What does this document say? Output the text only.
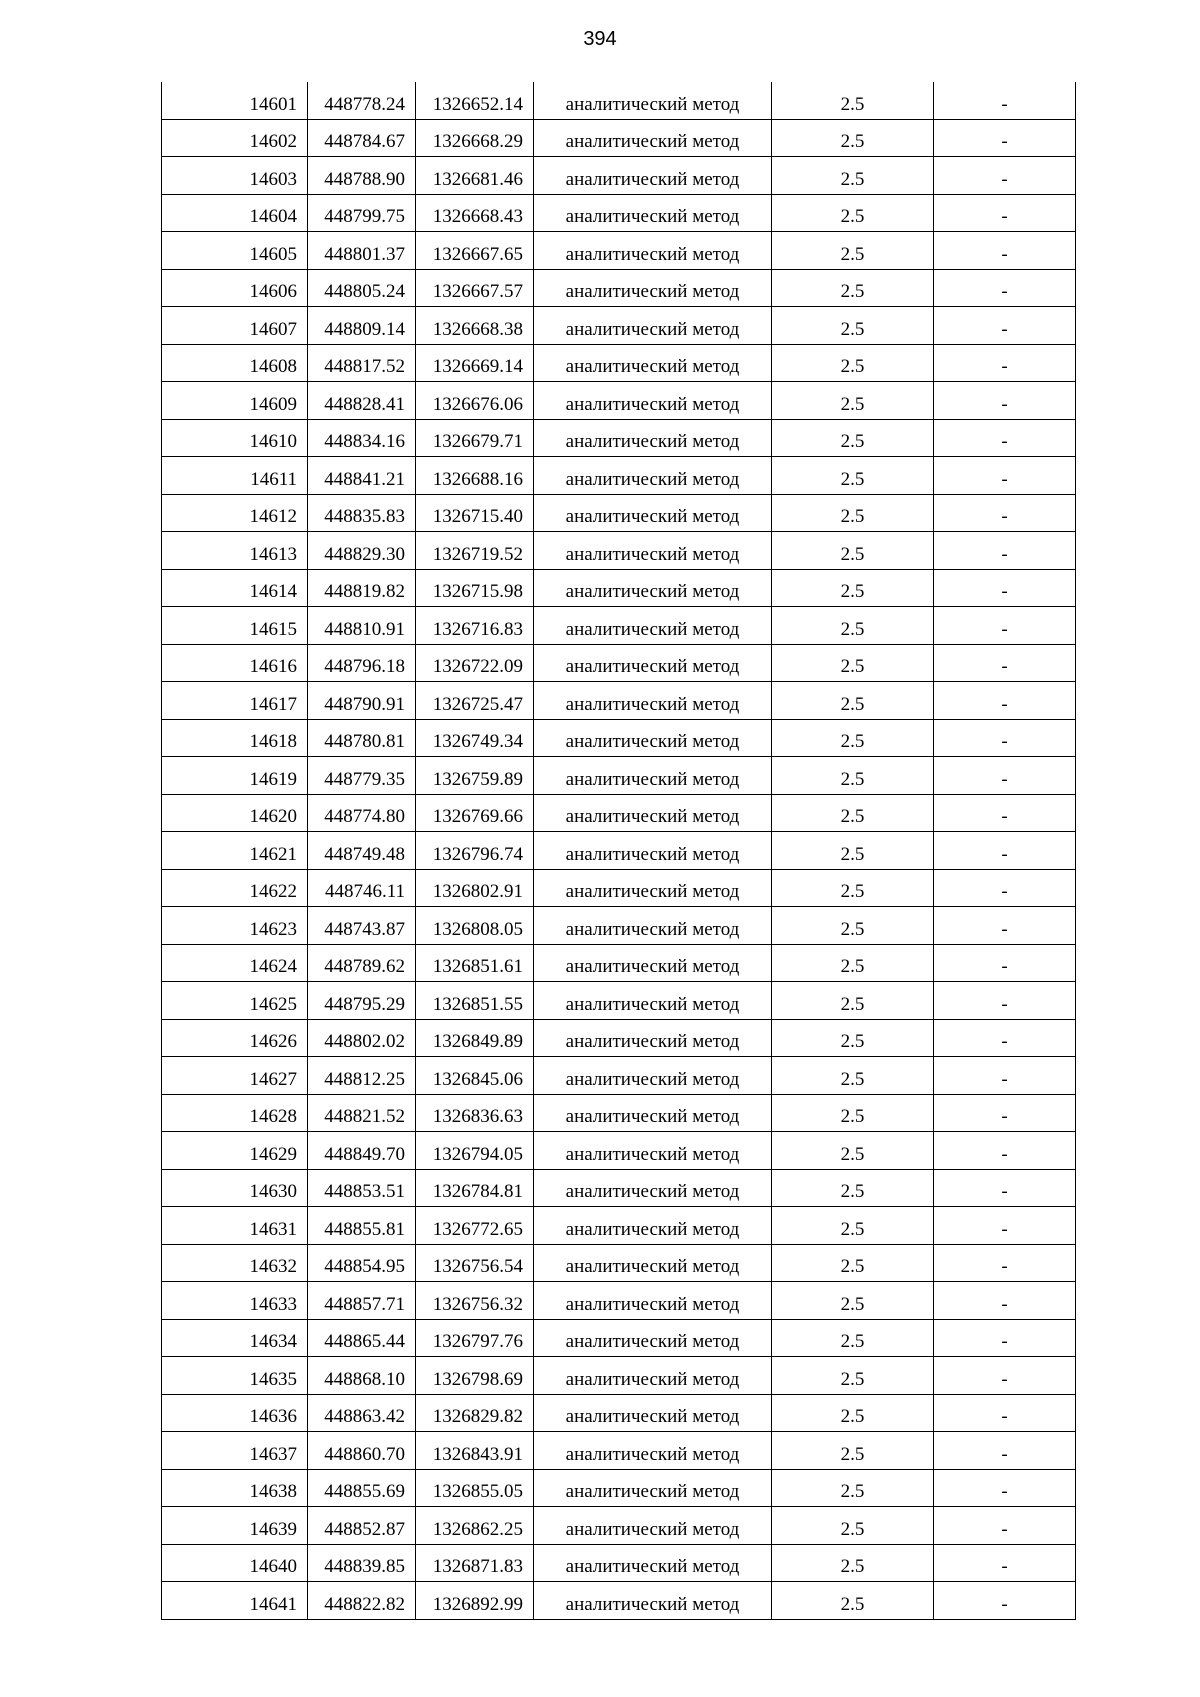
394
14601	448778.24	1326652.14	аналитический метод	2.5	-
14602	448784.67	1326668.29	аналитический метод	2.5	-
14603	448788.90	1326681.46	аналитический метод	2.5	-
14604	448799.75	1326668.43	аналитический метод	2.5	-
14605	448801.37	1326667.65	аналитический метод	2.5	-
14606	448805.24	1326667.57	аналитический метод	2.5	-
14607	448809.14	1326668.38	аналитический метод	2.5	-
14608	448817.52	1326669.14	аналитический метод	2.5	-
14609	448828.41	1326676.06	аналитический метод	2.5	-
14610	448834.16	1326679.71	аналитический метод	2.5	-
14611	448841.21	1326688.16	аналитический метод	2.5	-
14612	448835.83	1326715.40	аналитический метод	2.5	-
14613	448829.30	1326719.52	аналитический метод	2.5	-
14614	448819.82	1326715.98	аналитический метод	2.5	-
14615	448810.91	1326716.83	аналитический метод	2.5	-
14616	448796.18	1326722.09	аналитический метод	2.5	-
14617	448790.91	1326725.47	аналитический метод	2.5	-
14618	448780.81	1326749.34	аналитический метод	2.5	-
14619	448779.35	1326759.89	аналитический метод	2.5	-
14620	448774.80	1326769.66	аналитический метод	2.5	-
14621	448749.48	1326796.74	аналитический метод	2.5	-
14622	448746.11	1326802.91	аналитический метод	2.5	-
14623	448743.87	1326808.05	аналитический метод	2.5	-
14624	448789.62	1326851.61	аналитический метод	2.5	-
14625	448795.29	1326851.55	аналитический метод	2.5	-
14626	448802.02	1326849.89	аналитический метод	2.5	-
14627	448812.25	1326845.06	аналитический метод	2.5	-
14628	448821.52	1326836.63	аналитический метод	2.5	-
14629	448849.70	1326794.05	аналитический метод	2.5	-
14630	448853.51	1326784.81	аналитический метод	2.5	-
14631	448855.81	1326772.65	аналитический метод	2.5	-
14632	448854.95	1326756.54	аналитический метод	2.5	-
14633	448857.71	1326756.32	аналитический метод	2.5	-
14634	448865.44	1326797.76	аналитический метод	2.5	-
14635	448868.10	1326798.69	аналитический метод	2.5	-
14636	448863.42	1326829.82	аналитический метод	2.5	-
14637	448860.70	1326843.91	аналитический метод	2.5	-
14638	448855.69	1326855.05	аналитический метод	2.5	-
14639	448852.87	1326862.25	аналитический метод	2.5	-
14640	448839.85	1326871.83	аналитический метод	2.5	-
14641	448822.82	1326892.99	аналитический метод	2.5	-
